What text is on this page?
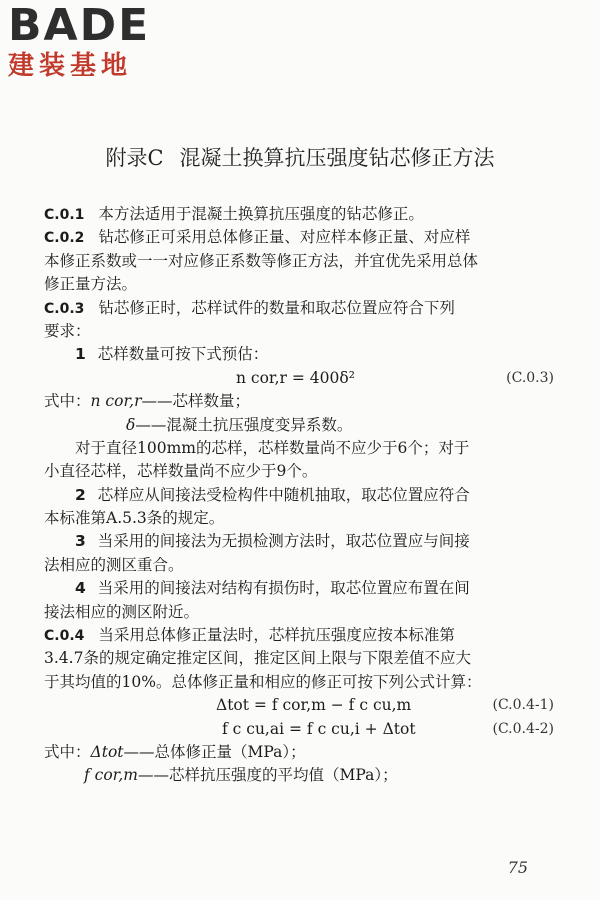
BADE
建装基地
附录C 混凝土换算抗压强度钻芯修正方法
C.0.1 本方法适用于混凝土换算抗压强度的钻芯修正。
C.0.2 钻芯修正可采用总体修正量、对应样本修正量、对应样
本修正系数或一一对应修正系数等修正方法，并宜优先采用总体
修正量方法。
C.0.3 钻芯修正时，芯样试件的数量和取芯位置应符合下列
要求：
1 芯样数量可按下式预估：
n cor,r = 400δ²	(C.0.3)
式中：n cor,r——芯样数量；
δ——混凝土抗压强度变异系数。
对于直径100mm的芯样，芯样数量尚不应少于6个；对于
小直径芯样，芯样数量尚不应少于9个。
2 芯样应从间接法受检构件中随机抽取，取芯位置应符合
本标准第A.5.3条的规定。
3 当采用的间接法为无损检测方法时，取芯位置应与间接
法相应的测区重合。
4 当采用的间接法对结构有损伤时，取芯位置应布置在间
接法相应的测区附近。
C.0.4 当采用总体修正量法时，芯样抗压强度应按本标准第
3.4.7条的规定确定推定区间，推定区间上限与下限差值不应大
于其均值的10%。总体修正量和相应的修正可按下列公式计算：
Δtot = f cor,m − f c cu,m	(C.0.4-1)
f c cu,ai = f c cu,i + Δtot	(C.0.4-2)
式中：Δtot——总体修正量（MPa）；
f cor,m——芯样抗压强度的平均值（MPa）；
75
